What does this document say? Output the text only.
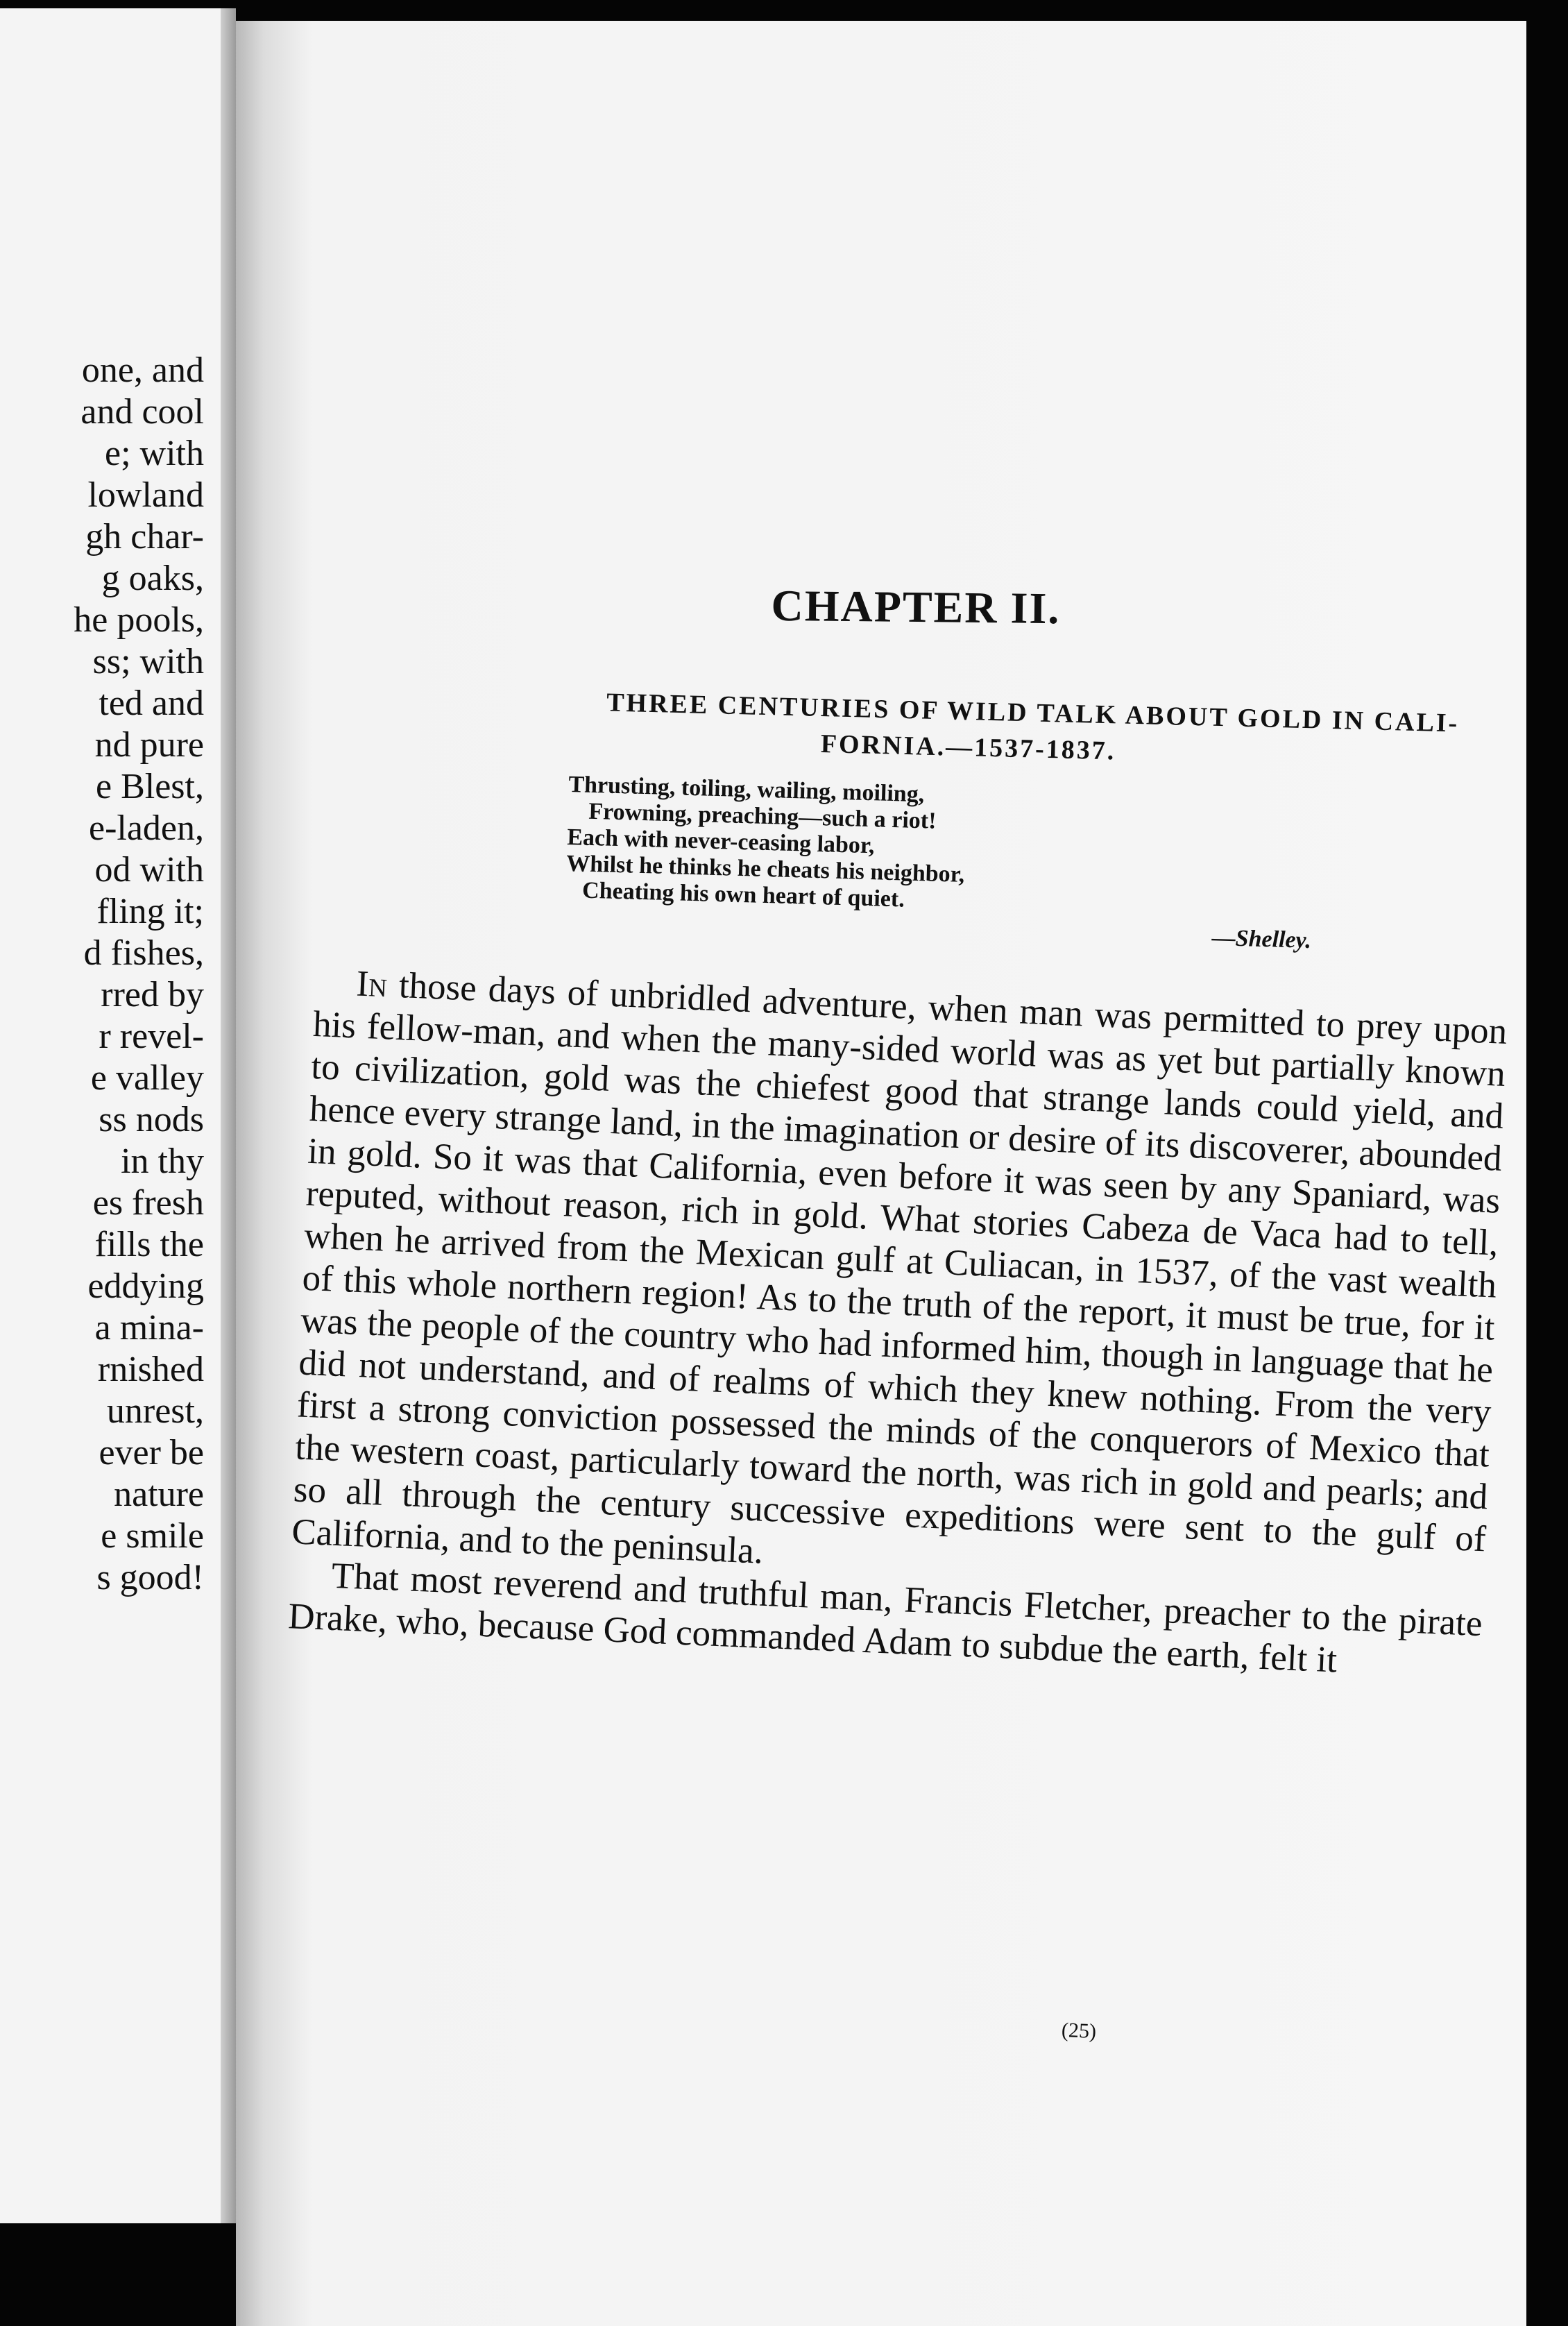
one, and
and cool
e; with
lowland
gh char-
g oaks,
he pools,
ss; with
ted and
nd pure
e Blest,
e-laden,
od with
fling it;
d fishes,
rred by
r revel-
e valley
ss nods
in thy
es fresh
fills the
eddying
a mina-
rnished
unrest,
ever be
nature
e smile
s good!
CHAPTER II.
THREE CENTURIES OF WILD TALK ABOUT GOLD IN CALI-
FORNIA.—1537-1837.
Thrusting, toiling, wailing, moiling,
Frowning, preaching—such a riot!
Each with never-ceasing labor,
Whilst he thinks he cheats his neighbor,
Cheating his own heart of quiet.
—Shelley.

In those days of unbridled adventure, when man was permitted to prey upon his fellow-man, and when the many-sided world was as yet but partially known to civilization, gold was the chiefest good that strange lands could yield, and hence every strange land, in the imagination or desire of its discoverer, abounded in gold. So it was that California, even before it was seen by any Spaniard, was reputed, without reason, rich in gold. What stories Cabeza de Vaca had to tell, when he arrived from the Mexican gulf at Culiacan, in 1537, of the vast wealth of this whole northern region! As to the truth of the report, it must be true, for it was the people of the country who had informed him, though in language that he did not understand, and of realms of which they knew nothing. From the very first a strong conviction possessed the minds of the conquerors of Mexico that the western coast, particularly toward the north, was rich in gold and pearls; and so all through the century successive expeditions were sent to the gulf of California, and to the peninsula.

That most reverend and truthful man, Francis Fletcher, preacher to the pirate Drake, who, because God commanded Adam to subdue the earth, felt it

(25)
